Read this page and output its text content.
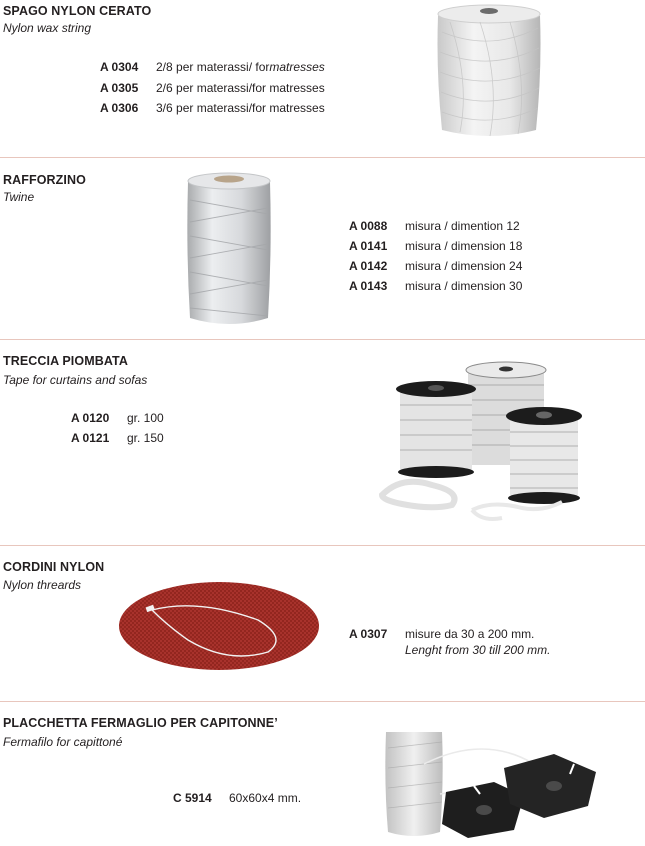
SPAGO NYLON CERATO
Nylon wax string
A 0304 2/8 per materassi/ formatresses
A 0305 2/6 per materassi/for matresses
A 0306 3/6 per materassi/for matresses
RAFFORZINO
Twine
A 0088 misura / dimention 12
A 0141 misura / dimension 18
A 0142 misura / dimension 24
A 0143 misura / dimension 30
TRECCIA PIOMBATA
Tape for curtains and sofas
A 0120 gr. 100
A 0121 gr. 150
CORDINI NYLON
Nylon threards
A 0307 misure da 30 a 200 mm.
Lenght from 30 till 200 mm.
PLACCHETTA FERMAGLIO PER CAPITONNE’
Fermafilo for capittoné
C 5914 60x60x4 mm.
